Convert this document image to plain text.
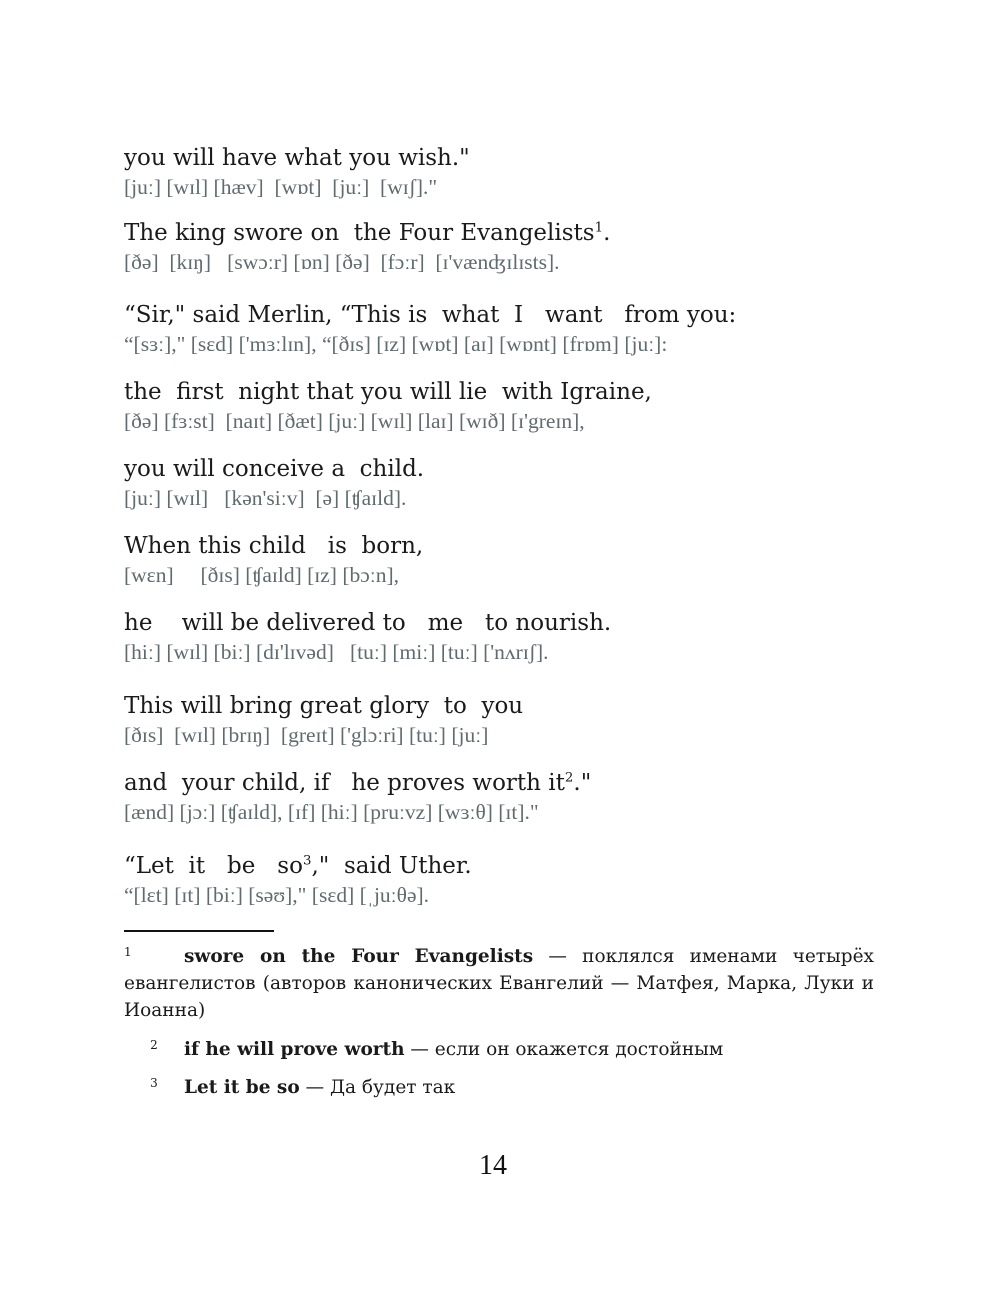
you will have what you wish."
[juː] [wɪl] [hæv]  [wɒt]  [juː]  [wɪʃ]."
The king swore on  the Four Evangelists$^1$.
[ðə]  [kɪŋ]   [swɔːr] [ɒn] [ðə]  [fɔːr]  [ɪ'vænʤɪlɪsts].
“Sir," said Merlin, “This is  what  I   want   from you:
“[sɜː]," [sɛd] ['mɜːlɪn], “[ðɪs] [ɪz] [wɒt] [aɪ] [wɒnt] [frɒm] [juː]:
the  first  night that you will lie  with Igraine,
[ðə] [fɜːst]  [naɪt] [ðæt] [juː] [wɪl] [laɪ] [wɪð] [ɪ'greɪn],
you will conceive a  child.
[juː] [wɪl]   [kən'siːv]  [ə] [ʧaɪld].
When this child   is  born,
[wɛn]     [ðɪs] [ʧaɪld] [ɪz] [bɔːn],
he    will be delivered to   me   to nourish.
[hiː] [wɪl] [biː] [dɪ'lɪvəd]   [tuː] [miː] [tuː] ['nʌrɪʃ].
This will bring great glory  to  you
[ðɪs]  [wɪl] [brɪŋ]  [greɪt] ['glɔːri] [tuː] [juː]
and  your child, if   he proves worth $it^2$."
[ænd] [jɔː] [ʧaɪld], [ɪf] [hiː] [pruːvz] [wɜːθ] [ɪt]."
“Let  it   be   $so^3$,"  said Uther.
“[lɛt] [ɪt] [biː] [səʊ]," [sɛd] [ˌjuːθə].
1	swore on the Four Evangelists — поклялся именами четырёх евангелистов (авторов канонических Евангелий — Матфея, Марка, Луки и Иоанна)
2 if he will prove worth — если он окажется достойным
3 Let it be so — Да будет так
14
